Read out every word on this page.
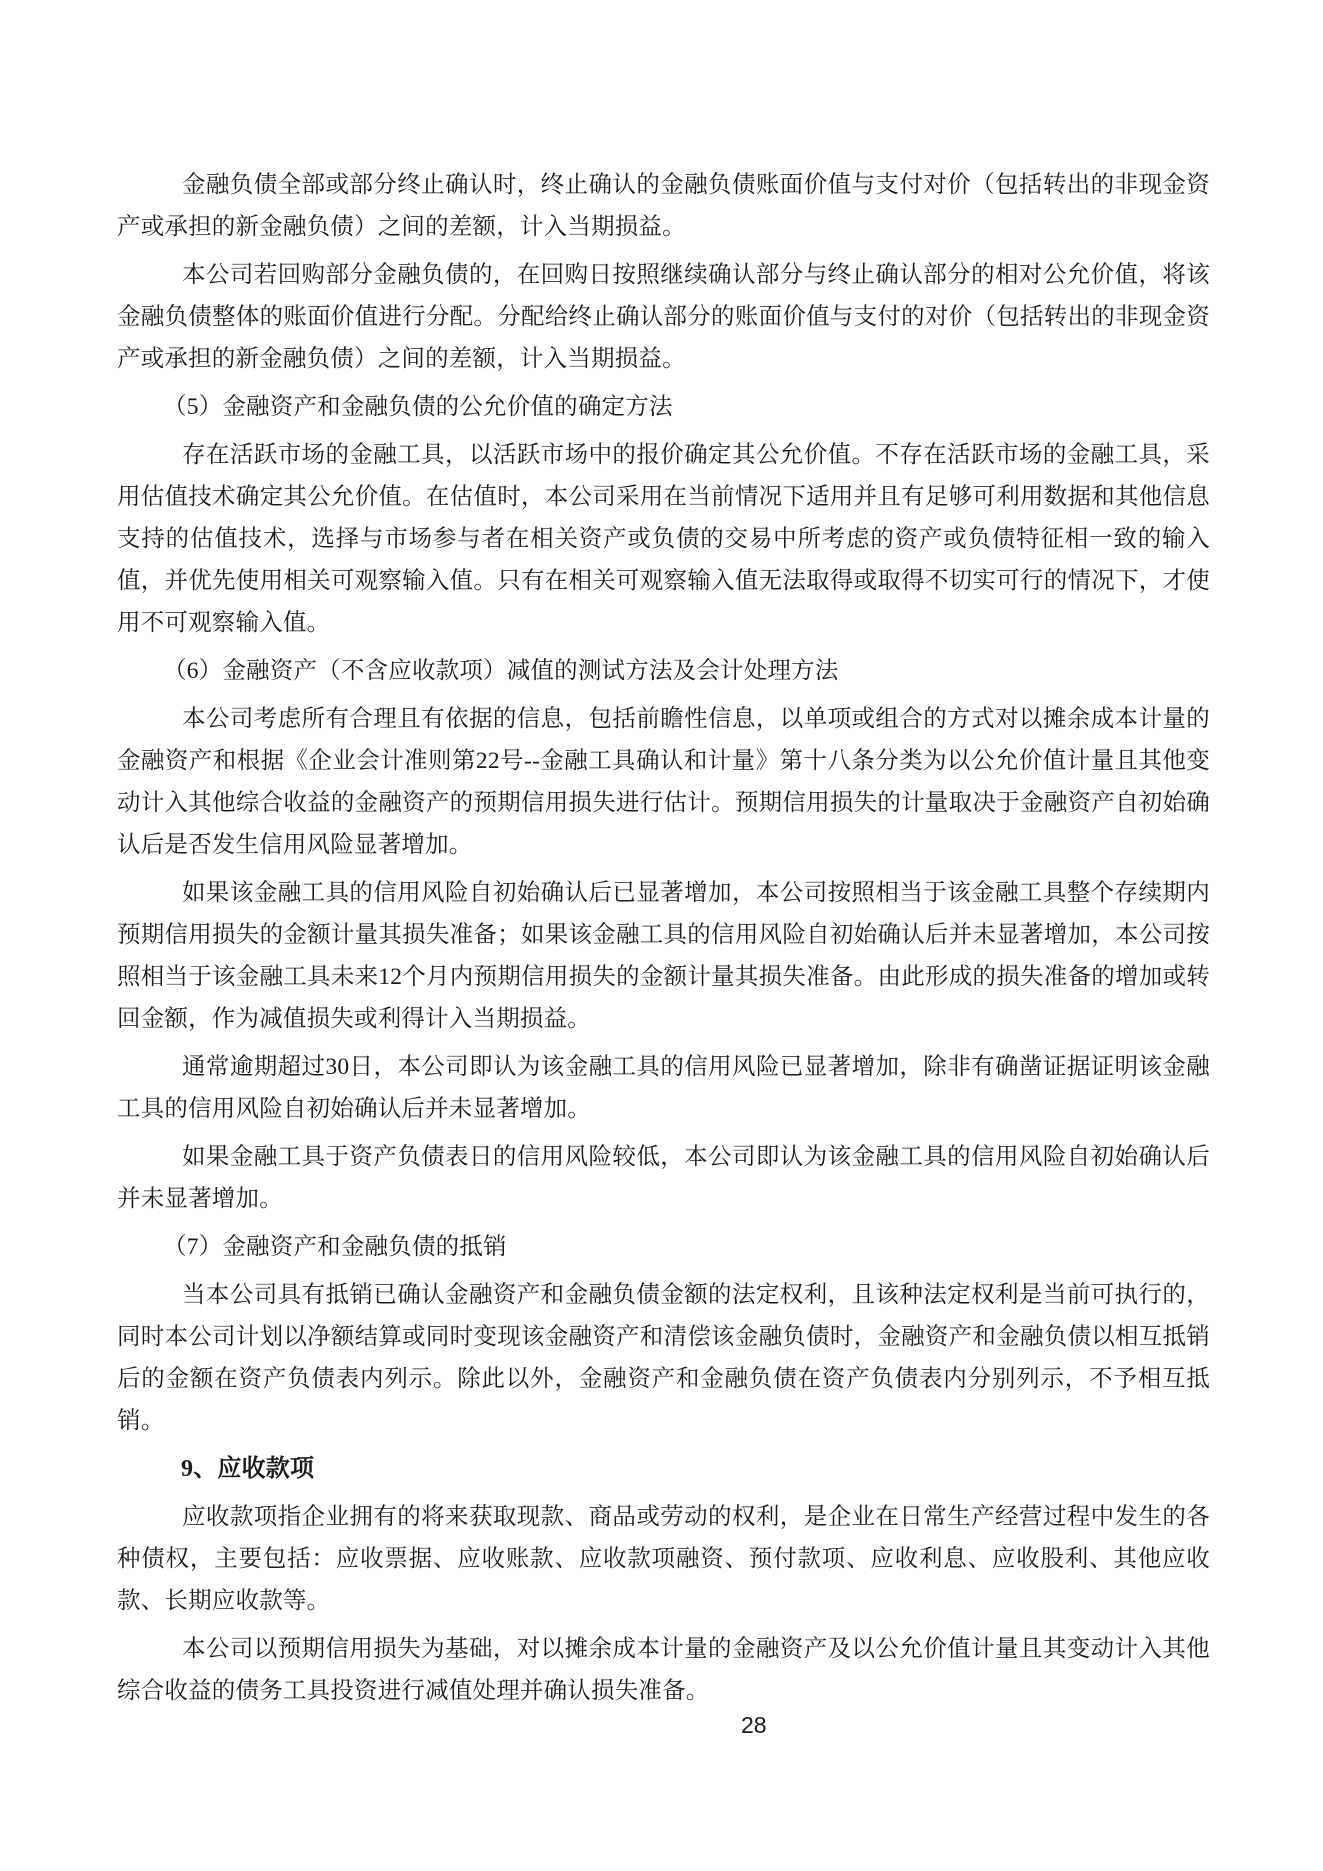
金融负债全部或部分终止确认时，终止确认的金融负债账面价值与支付对价（包括转出的非现金资产或承担的新金融负债）之间的差额，计入当期损益。

本公司若回购部分金融负债的，在回购日按照继续确认部分与终止确认部分的相对公允价值，将该金融负债整体的账面价值进行分配。分配给终止确认部分的账面价值与支付的对价（包括转出的非现金资产或承担的新金融负债）之间的差额，计入当期损益。

（5）金融资产和金融负债的公允价值的确定方法

存在活跃市场的金融工具，以活跃市场中的报价确定其公允价值。不存在活跃市场的金融工具，采用估值技术确定其公允价值。在估值时，本公司采用在当前情况下适用并且有足够可利用数据和其他信息支持的估值技术，选择与市场参与者在相关资产或负债的交易中所考虑的资产或负债特征相一致的输入值，并优先使用相关可观察输入值。只有在相关可观察输入值无法取得或取得不切实可行的情况下，才使用不可观察输入值。

（6）金融资产（不含应收款项）减值的测试方法及会计处理方法

本公司考虑所有合理且有依据的信息，包括前瞻性信息，以单项或组合的方式对以摊余成本计量的金融资产和根据《企业会计准则第22号--金融工具确认和计量》第十八条分类为以公允价值计量且其他变动计入其他综合收益的金融资产的预期信用损失进行估计。预期信用损失的计量取决于金融资产自初始确认后是否发生信用风险显著增加。

如果该金融工具的信用风险自初始确认后已显著增加，本公司按照相当于该金融工具整个存续期内预期信用损失的金额计量其损失准备；如果该金融工具的信用风险自初始确认后并未显著增加，本公司按照相当于该金融工具未来12个月内预期信用损失的金额计量其损失准备。由此形成的损失准备的增加或转回金额，作为减值损失或利得计入当期损益。

通常逾期超过30日，本公司即认为该金融工具的信用风险已显著增加，除非有确凿证据证明该金融工具的信用风险自初始确认后并未显著增加。

如果金融工具于资产负债表日的信用风险较低，本公司即认为该金融工具的信用风险自初始确认后并未显著增加。

（7）金融资产和金融负债的抵销

当本公司具有抵销已确认金融资产和金融负债金额的法定权利，且该种法定权利是当前可执行的，同时本公司计划以净额结算或同时变现该金融资产和清偿该金融负债时，金融资产和金融负债以相互抵销后的金额在资产负债表内列示。除此以外，金融资产和金融负债在资产负债表内分别列示，不予相互抵销。

9、应收款项

应收款项指企业拥有的将来获取现款、商品或劳动的权利，是企业在日常生产经营过程中发生的各种债权，主要包括：应收票据、应收账款、应收款项融资、预付款项、应收利息、应收股利、其他应收款、长期应收款等。

本公司以预期信用损失为基础，对以摊余成本计量的金融资产及以公允价值计量且其变动计入其他综合收益的债务工具投资进行减值处理并确认损失准备。

28
